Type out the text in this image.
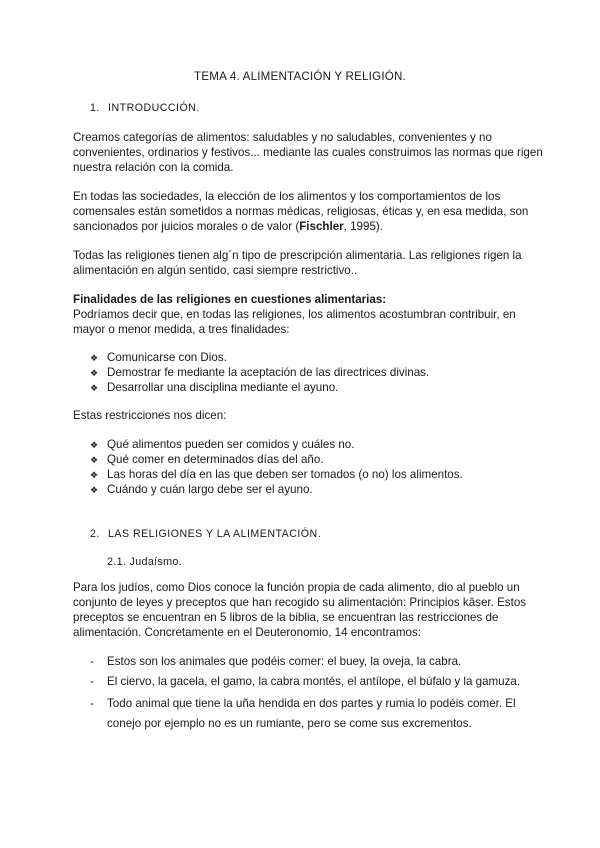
TEMA 4. ALIMENTACIÓN Y RELIGIÓN.
1. INTRODUCCIÓN.
Creamos categorías de alimentos: saludables y no saludables, convenientes y no
convenientes, ordinarios y festivos... mediante las cuales construimos las normas que rigen
nuestra relación con la comida.
En todas las sociedades, la elección de los alimentos y los comportamientos de los
comensales están sometidos a normas médicas, religiosas, éticas y, en esa medida, son
sancionados por juicios morales o de valor (Fischler, 1995).
Todas las religiones tienen alg´n tipo de prescripción alimentaria. Las religiones rigen la
alimentación en algún sentido, casi siempre restrictivo..
Finalidades de las religiones en cuestiones alimentarias:
Podríamos decir que, en todas las religiones, los alimentos acostumbran contribuir, en
mayor o menor medida, a tres finalidades:
❖ Comunicarse con Dios.
❖ Demostrar fe mediante la aceptación de las directrices divinas.
❖ Desarrollar una disciplina mediante el ayuno.
Estas restricciones nos dicen:
❖ Qué alimentos pueden ser comidos y cuáles no.
❖ Qué comer en determinados días del año.
❖ Las horas del día en las que deben ser tomados (o no) los alimentos.
❖ Cuándo y cuán largo debe ser el ayuno.
2. LAS RELIGIONES Y LA ALIMENTACIÓN.
2.1. Judaísmo.
Para los judíos, como Dios conoce la función propia de cada alimento, dio al pueblo un
conjunto de leyes y preceptos que han recogido su alimentación: Principios kâser. Estos
preceptos se encuentran en 5 libros de la biblia, se encuentran las restricciones de
alimentación. Concretamente en el Deuteronomio, 14 encontramos:
- Estos son los animales que podéis comer: el buey, la oveja, la cabra.
- El ciervo, la gacela, el gamo, la cabra montés, el antílope, el búfalo y la gamuza.
- Todo animal que tiene la uña hendida en dos partes y rumia lo podéis comer. El
conejo por ejemplo no es un rumiante, pero se come sus excrementos.
